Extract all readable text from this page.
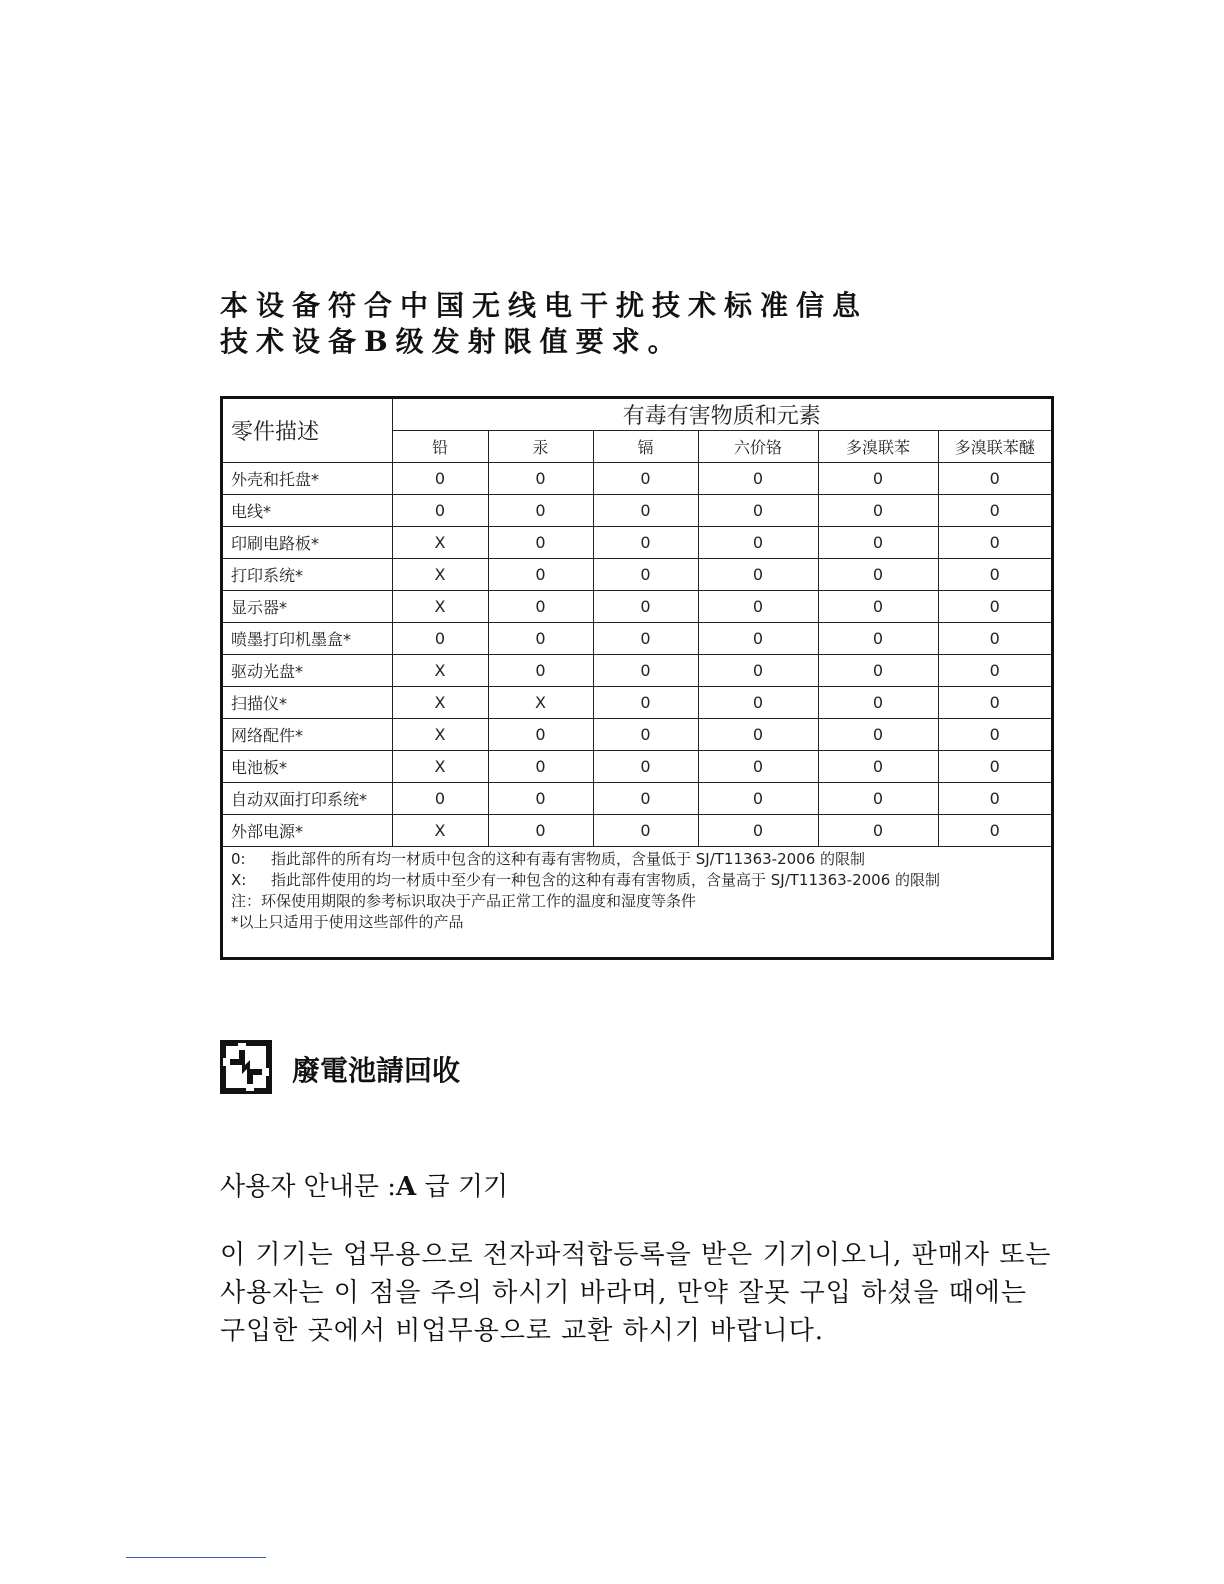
本设备符合中国无线电干扰技术标准信息
技术设备B级发射限值要求。
零件描述	有毒有害物质和元素					
	铅	汞	镉	六价铬	多溴联苯	多溴联苯醚
外壳和托盘*	0	0	0	0	0	0
电线*	0	0	0	0	0	0
印刷电路板*	X	0	0	0	0	0
打印系统*	X	0	0	0	0	0
显示器*	X	0	0	0	0	0
喷墨打印机墨盒*	0	0	0	0	0	0
驱动光盘*	X	0	0	0	0	0
扫描仪*	X	X	0	0	0	0
网络配件*	X	0	0	0	0	0
电池板*	X	0	0	0	0	0
自动双面打印系统*	0	0	0	0	0	0
外部电源*	X	0	0	0	0	0
0:	指此部件的所有均一材质中包含的这种有毒有害物质，含量低于 SJ/T11363-2006 的限制
X:	指此部件使用的均一材质中至少有一种包含的这种有毒有害物质，含量高于 SJ/T11363-2006 的限制
注：环保使用期限的参考标识取决于产品正常工作的温度和湿度等条件
*以上只适用于使用这些部件的产品
廢電池請回收
사용자 안내문 :A 급 기기
이 기기는 업무용으로 전자파적합등록을 받은 기기이오니, 판매자 또는
사용자는 이 점을 주의 하시기 바라며, 만약 잘못 구입 하셨을 때에는
구입한 곳에서 비업무용으로 교환 하시기 바랍니다.
